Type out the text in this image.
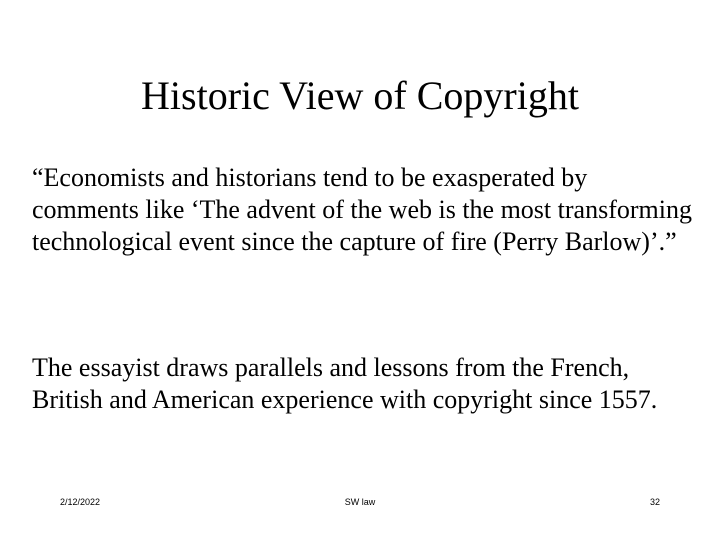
Historic View of Copyright
“Economists and historians tend to be exasperated by comments like ‘The advent of the web is the most transforming technological event since the capture of fire (Perry Barlow)’.”
The essayist draws parallels and lessons from the French, British and American experience with copyright since 1557.
2/12/2022	SW law	32
